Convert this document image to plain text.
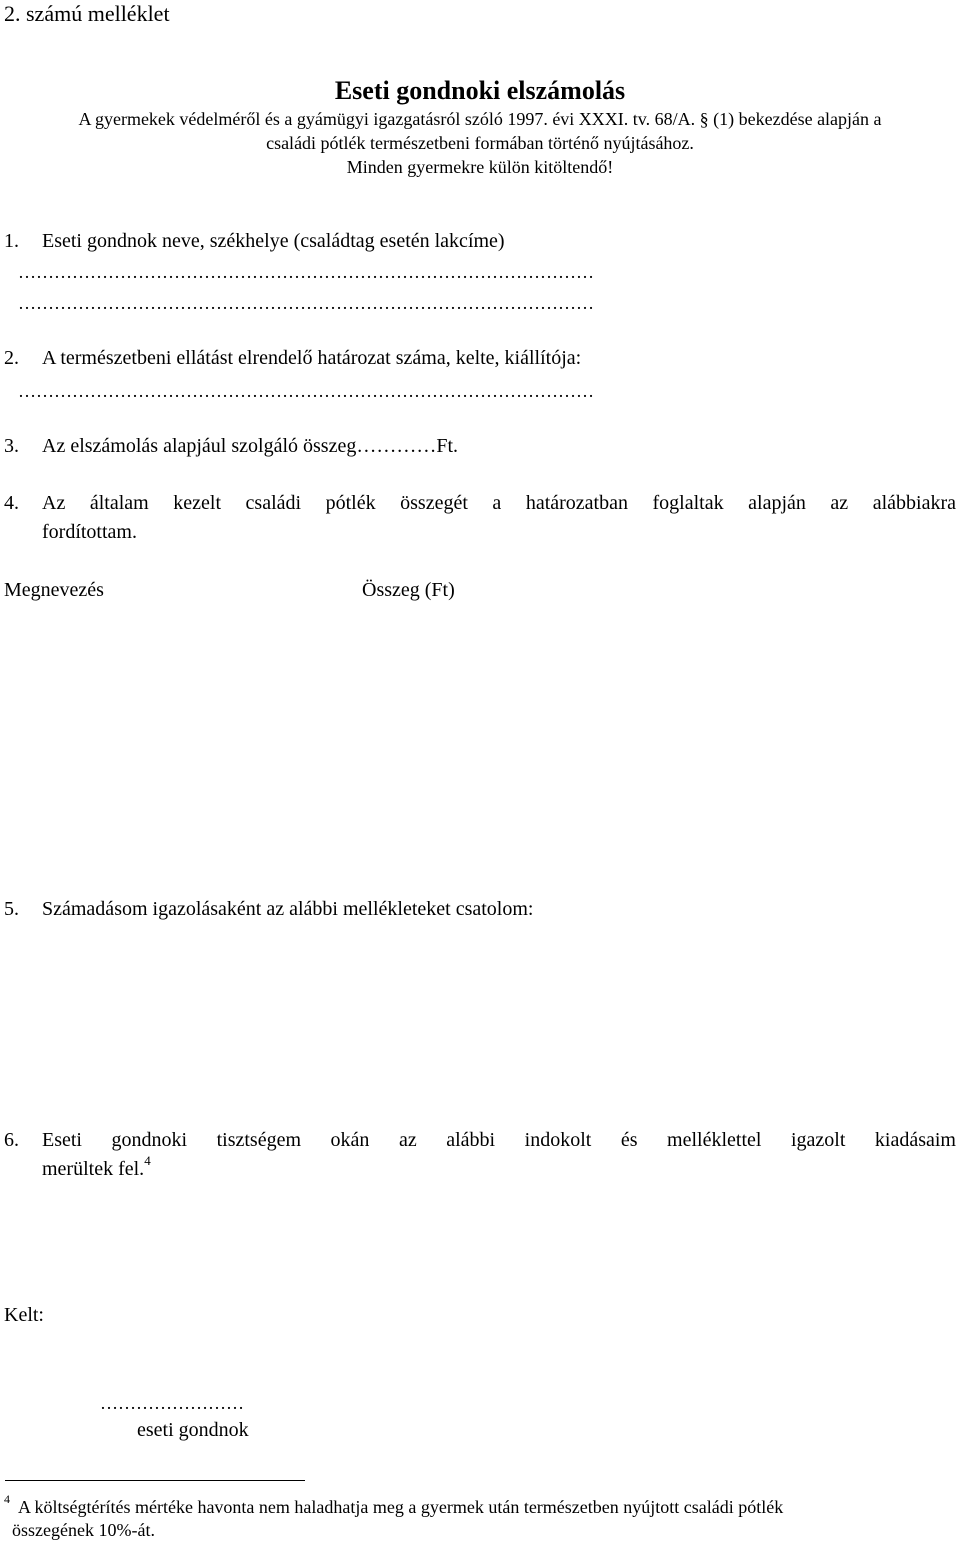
2. számú melléklet
Eseti gondnoki elszámolás
A gyermekek védelméről és a gyámügyi igazgatásról szóló 1997. évi XXXI. tv. 68/A. § (1) bekezdése alapján a
családi pótlék természetbeni formában történő nyújtásához.
Minden gyermekre külön kitöltendő!
1. Eseti gondnok neve, székhelye (családtag esetén lakcíme)
……………………………………………………………………………………
……………………………………………………………………………………
2. A természetbeni ellátást elrendelő határozat száma, kelte, kiállítója:
……………………………………………………………………………………
3. Az elszámolás alapjául szolgáló összeg…………Ft.
4. Az általam kezelt családi pótlék összegét a határozatban foglaltak alapján az alábbiakra
fordítottam.
Megnevezés	Összeg (Ft)
5. Számadásom igazolásaként az alábbi mellékleteket csatolom:
6. Eseti gondnoki tisztségem okán az alábbi indokolt és melléklettel igazolt kiadásaim
merültek fel.$^4$
Kelt:
……………………
eseti gondnok
4 A költségtérítés mértéke havonta nem haladhatja meg a gyermek után természetben nyújtott családi pótlék
összegének 10%-át.
